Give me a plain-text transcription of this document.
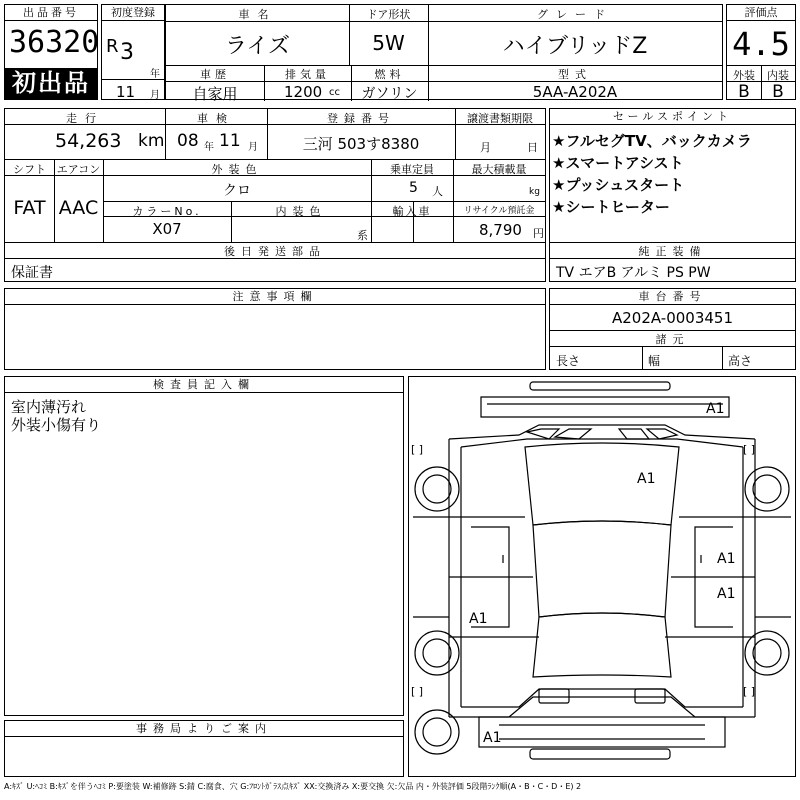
出品番号
36320
初出品
初度登録
R 3
年
11 月
車名
ライズ
ドア形状
5W
グレード
ハイブリッドZ
車歴
自家用
排気量
1200 cc
燃料
ガソリン
型式
5AA-A202A
評価点
4.5
外装	内装
B	B
走行
54,263 km
車検
08 年 11 月
登録番号
三河 503す8380
譲渡書類期限
月	日
シフト
FAT
エアコン
AAC
外装色
クロ
乗車定員
5 人
最大積載量
kg
カラーNo.
X07
内装色
系
輸入車	リサイクル預託金
8,790 円
後日発送部品
保証書
セールスポイント
★フルセグTV、バックカメラ
★スマートアシスト
★プッシュスタート
★シートヒーター
純正装備
TV エアB アルミ PS PW
注意事項欄	車台番号
A202A-0003451
諸元
長さ	幅	高さ
検査員記入欄
室内薄汚れ
外装小傷有り
事務局よりご案内
[ ]	[ ]
[ ]	[ ]
A1
A1
A1
A1
A1
A1
A:ｷｽﾞ U:ﾍｺﾐ B:ｷｽﾞを伴うﾍｺﾐ P:要塗装 W:補修跡 S:錆 C:腐食、穴 G:ﾌﾛﾝﾄｶﾞﾗｽ点ｷｽﾞ XX:交換済み X:要交換 欠:欠品 内・外装評価 5段階ﾗﾝｸ順(A・B・C・D・E) 2
